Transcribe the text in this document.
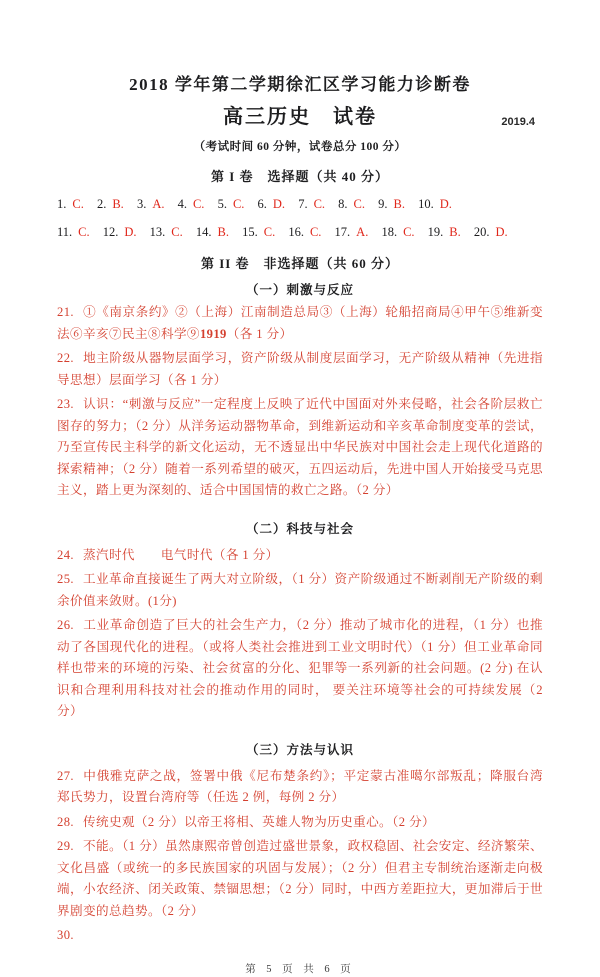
2018 学年第二学期徐汇区学习能力诊断卷
高三历史　试卷	2019.4
（考试时间 60 分钟，试卷总分 100 分）
第 I 卷　选择题（共 40 分）
1. C. 2. B. 3. A. 4. C. 5. C. 6. D. 7. C. 8. C. 9. B. 10. D.
11. C. 12. D. 13. C. 14. B. 15. C. 16. C. 17. A. 18. C. 19. B. 20. D.
第 II 卷　非选择题（共 60 分）
（一）刺激与反应

21. ①《南京条约》②（上海）江南制造总局③（上海）轮船招商局④甲午⑤维新变法⑥辛亥⑦民主⑧科学⑨1919（各 1 分）

22. 地主阶级从器物层面学习，资产阶级从制度层面学习，无产阶级从精神（先进指导思想）层面学习（各 1 分）

23. 认识：“刺激与反应”一定程度上反映了近代中国面对外来侵略，社会各阶层救亡图存的努力；（2 分）从洋务运动器物革命，到维新运动和辛亥革命制度变革的尝试，乃至宣传民主科学的新文化运动，无不透显出中华民族对中国社会走上现代化道路的探索精神；（2 分）随着一系列希望的破灭，五四运动后，先进中国人开始接受马克思主义，踏上更为深刻的、适合中国国情的救亡之路。（2 分）

（二）科技与社会

24. 蒸汽时代　　电气时代（各 1 分）

25. 工业革命直接诞生了两大对立阶级，（1 分）资产阶级通过不断剥削无产阶级的剩余价值来敛财。(1分)

26. 工业革命创造了巨大的社会生产力，（2 分）推动了城市化的进程，（1 分）也推动了各国现代化的进程。（或将人类社会推进到工业文明时代）（1 分）但工业革命同样也带来的环境的污染、社会贫富的分化、犯罪等一系列新的社会问题。(2 分) 在认识和合理利用科技对社会的推动作用的同时， 要关注环境等社会的可持续发展（2 分）

（三）方法与认识

27. 中俄雅克萨之战，签署中俄《尼布楚条约》；平定蒙古准噶尔部叛乱；降服台湾郑氏势力，设置台湾府等（任选 2 例，每例 2 分）

28. 传统史观（2 分）以帝王将相、英雄人物为历史重心。（2 分）

29. 不能。（1 分）虽然康熙帝曾创造过盛世景象，政权稳固、社会安定、经济繁荣、文化昌盛（或统一的多民族国家的巩固与发展）；（2 分）但君主专制统治逐渐走向极端，小农经济、闭关政策、禁锢思想；（2 分）同时，中西方差距拉大，更加滞后于世界剧变的总趋势。（2 分）

30.

第 5 页 共 6 页
